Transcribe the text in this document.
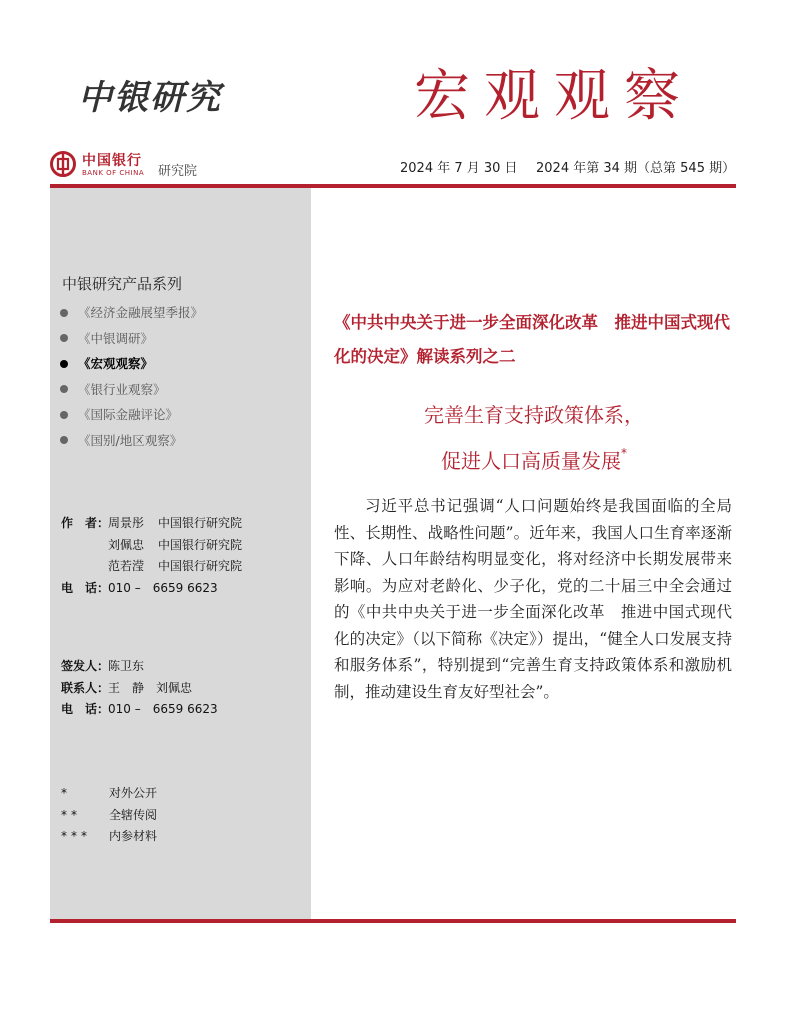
中银研究	宏观观察
中国银行
BANK OF CHINA 研究院	2024 年 7 月 30 日 2024 年第 34 期（总第 545 期）
中银研究产品系列
《经济金融展望季报》
《中银调研》
《宏观观察》
《银行业观察》
《国际金融评论》
《国别/地区观察》
作　者：周景彤 中国银行研究院
刘佩忠 中国银行研究院
范若滢 中国银行研究院
电　话：010 –　6659 6623
签发人：陈卫东
联系人：王　静　刘佩忠
电　话：010 –　6659 6623
*	对外公开
** 全辖传阅
*** 内参材料
《中共中央关于进一步全面深化改革　推进中国式现代化的决定》解读系列之二
完善生育支持政策体系，
促进人口高质量发展*

习近平总书记强调“人口问题始终是我国面临的全局性、长期性、战略性问题”。近年来，我国人口生育率逐渐下降、人口年龄结构明显变化，将对经济中长期发展带来影响。为应对老龄化、少子化，党的二十届三中全会通过的《中共中央关于进一步全面深化改革　推进中国式现代化的决定》（以下简称《决定》）提出，“健全人口发展支持和服务体系”，特别提到“完善生育支持政策体系和激励机制，推动建设生育友好型社会”。
